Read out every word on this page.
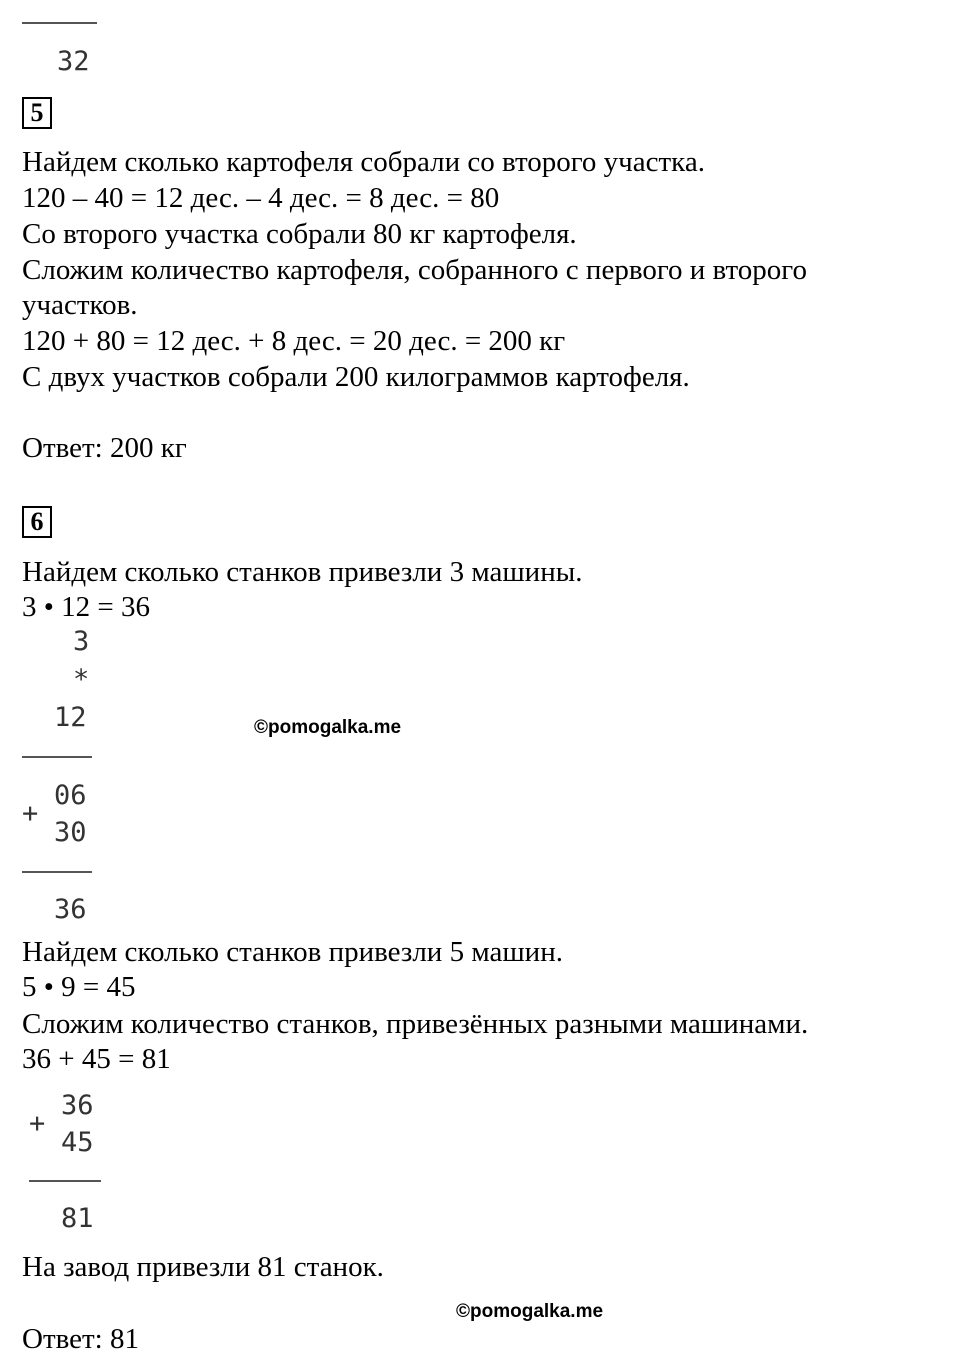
32
5
Найдем сколько картофеля собрали со второго участка.
120 – 40 = 12 дес. – 4 дес. = 8 дес. = 80
Со второго участка собрали 80 кг картофеля.
Сложим количество картофеля, собранного с первого и второго
участков.
120 + 80 = 12 дес. + 8 дес. = 20 дес. = 200 кг
С двух участков собрали 200 килограммов картофеля.
Ответ: 200 кг
6
Найдем сколько станков привезли 3 машины.
3 • 12 = 36
3
*
12
+
06
30
36
Найдем сколько станков привезли 5 машин.
5 • 9 = 45
Сложим количество станков, привезённых разными машинами.
36 + 45 = 81
+
36
45
81
На завод привезли 81 станок.
Ответ: 81
©pomogalka.me
©pomogalka.me
